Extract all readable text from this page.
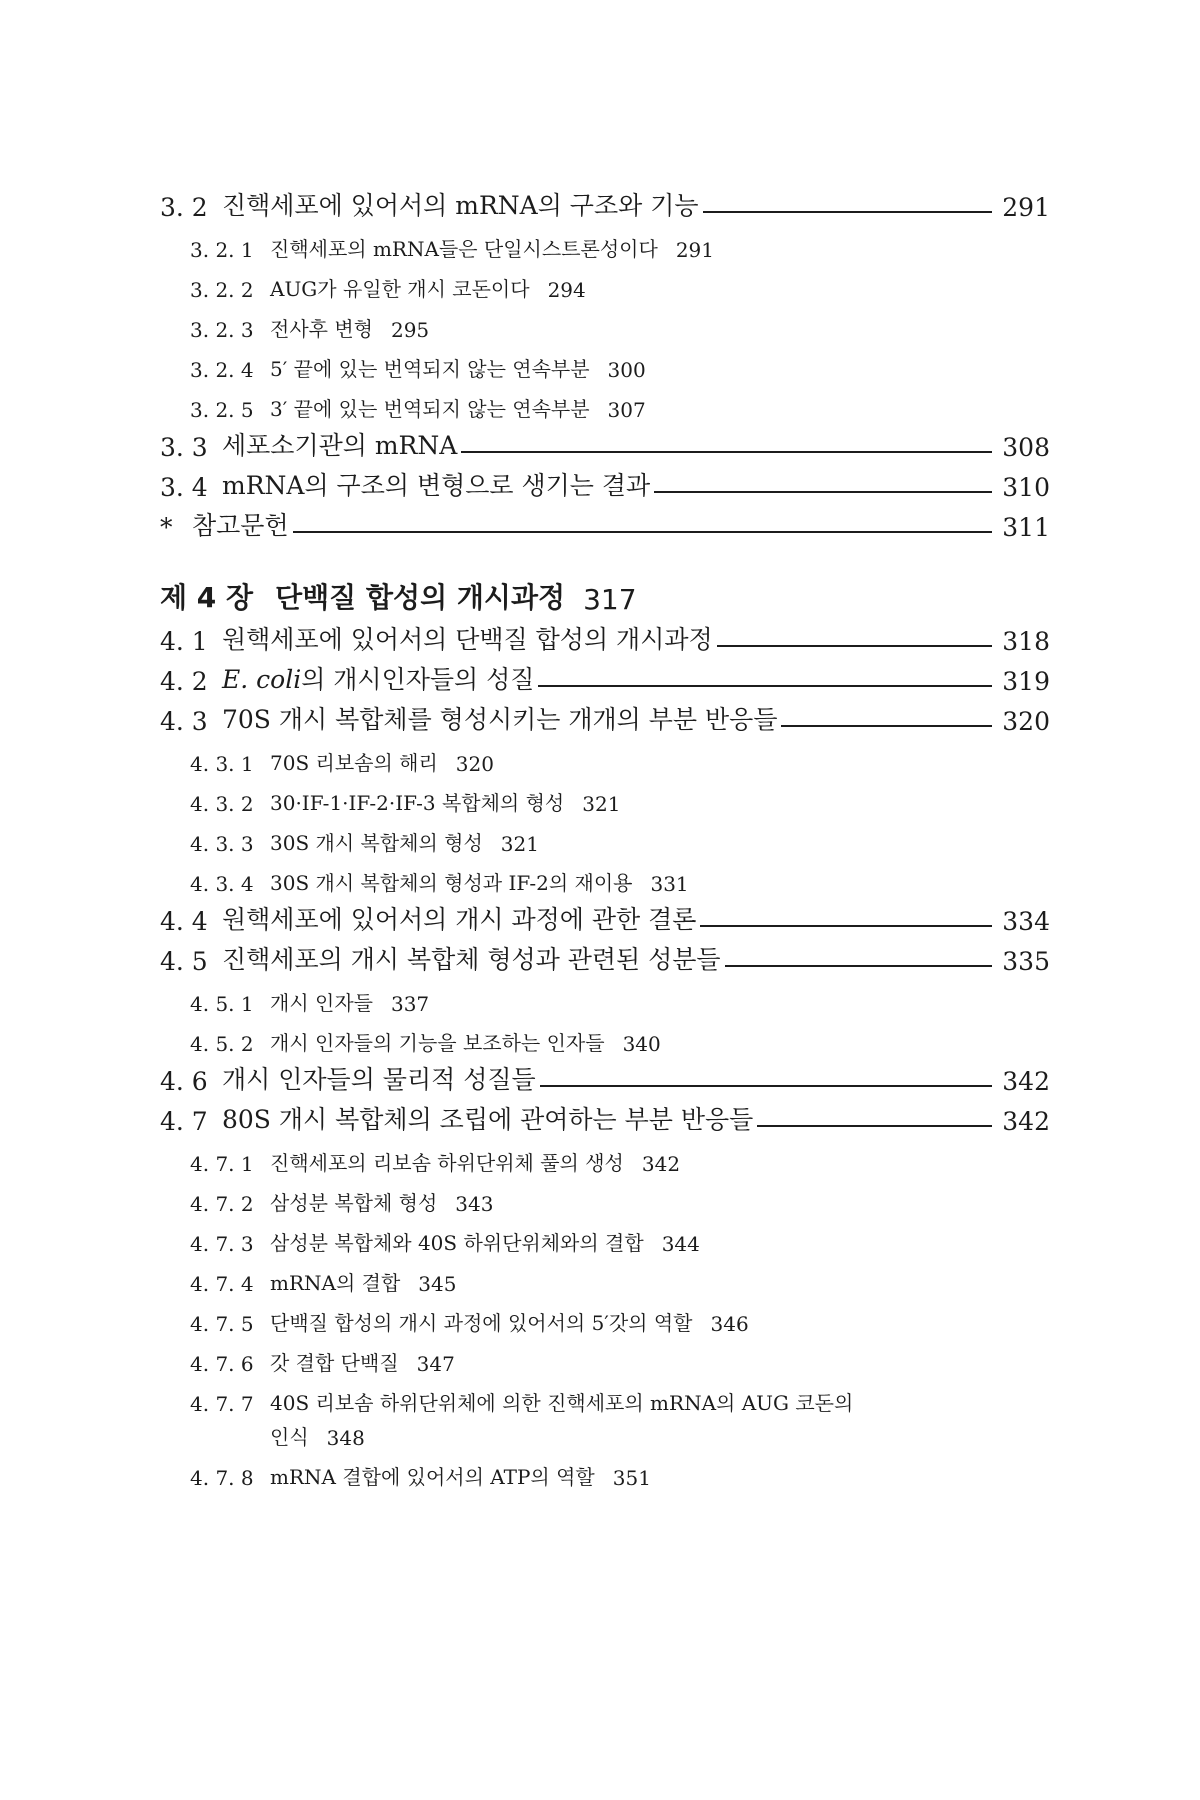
3. 2 진핵세포에 있어서의 mRNA의 구조와 기능	291
3. 2. 1 진핵세포의 mRNA들은 단일시스트론성이다 291
3. 2. 2 AUG가 유일한 개시 코돈이다 294
3. 2. 3 전사후 변형 295
3. 2. 4 5′ 끝에 있는 번역되지 않는 연속부분 300
3. 2. 5 3′ 끝에 있는 번역되지 않는 연속부분 307
3. 3 세포소기관의 mRNA	308
3. 4 mRNA의 구조의 변형으로 생기는 결과	310
* 참고문헌	311
제 4 장 단백질 합성의 개시과정 317
4. 1 원핵세포에 있어서의 단백질 합성의 개시과정	318
4. 2 E. coli의 개시인자들의 성질	319
4. 3 70S 개시 복합체를 형성시키는 개개의 부분 반응들	320
4. 3. 1 70S 리보솜의 해리 320
4. 3. 2 30·IF-1·IF-2·IF-3 복합체의 형성 321
4. 3. 3 30S 개시 복합체의 형성 321
4. 3. 4 30S 개시 복합체의 형성과 IF-2의 재이용 331
4. 4 원핵세포에 있어서의 개시 과정에 관한 결론	334
4. 5 진핵세포의 개시 복합체 형성과 관련된 성분들	335
4. 5. 1 개시 인자들 337
4. 5. 2 개시 인자들의 기능을 보조하는 인자들 340
4. 6 개시 인자들의 물리적 성질들	342
4. 7 80S 개시 복합체의 조립에 관여하는 부분 반응들	342
4. 7. 1 진핵세포의 리보솜 하위단위체 풀의 생성 342
4. 7. 2 삼성분 복합체 형성 343
4. 7. 3 삼성분 복합체와 40S 하위단위체와의 결합 344
4. 7. 4 mRNA의 결합 345
4. 7. 5 단백질 합성의 개시 과정에 있어서의 5′갓의 역할 346
4. 7. 6 갓 결합 단백질 347
4. 7. 7 40S 리보솜 하위단위체에 의한 진핵세포의 mRNA의 AUG 코돈의
인식 348
4. 7. 8 mRNA 결합에 있어서의 ATP의 역할 351
